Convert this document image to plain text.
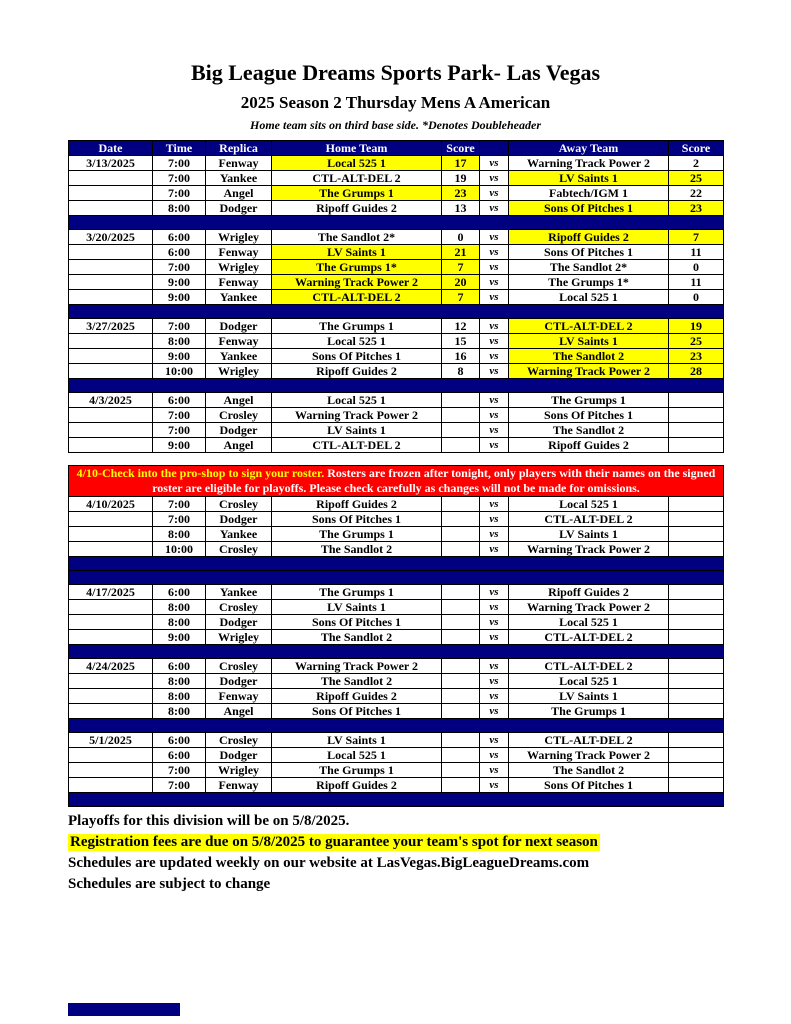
Big League Dreams Sports Park- Las Vegas
2025 Season 2 Thursday Mens A American
Home team sits on third base side. *Denotes Doubleheader
Date	Time	Replica	Home Team	Score		Away Team	Score
3/13/2025	7:00	Fenway	Local 525 1	17	vs	Warning Track Power 2	2
	7:00	Yankee	CTL-ALT-DEL 2	19	vs	LV Saints 1	25
	7:00	Angel	The Grumps 1	23	vs	Fabtech/IGM 1	22
	8:00	Dodger	Ripoff Guides 2	13	vs	Sons Of Pitches 1	23

3/20/2025	6:00	Wrigley	The Sandlot 2*	0	vs	Ripoff Guides 2	7
	6:00	Fenway	LV Saints 1	21	vs	Sons Of Pitches 1	11
	7:00	Wrigley	The Grumps 1*	7	vs	The Sandlot 2*	0
	9:00	Fenway	Warning Track Power 2	20	vs	The Grumps 1*	11
	9:00	Yankee	CTL-ALT-DEL 2	7	vs	Local 525 1	0

3/27/2025	7:00	Dodger	The Grumps 1	12	vs	CTL-ALT-DEL 2	19
	8:00	Fenway	Local 525 1	15	vs	LV Saints 1	25
	9:00	Yankee	Sons Of Pitches 1	16	vs	The Sandlot 2	23
	10:00	Wrigley	Ripoff Guides 2	8	vs	Warning Track Power 2	28

4/3/2025	6:00	Angel	Local 525 1		vs	The Grumps 1	
	7:00	Crosley	Warning Track Power 2		vs	Sons Of Pitches 1	
	7:00	Dodger	LV Saints 1		vs	The Sandlot 2	
	9:00	Angel	CTL-ALT-DEL 2		vs	Ripoff Guides 2	

4/10-Check into the pro-shop to sign your roster. Rosters are frozen after tonight, only players with their names on the signed roster are eligible for playoffs. Please check carefully as changes will not be made for omissions.							
4/10/2025	7:00	Crosley	Ripoff Guides 2		vs	Local 525 1	
	7:00	Dodger	Sons Of Pitches 1		vs	CTL-ALT-DEL 2	
	8:00	Yankee	The Grumps 1		vs	LV Saints 1	
	10:00	Crosley	The Sandlot 2		vs	Warning Track Power 2	

4/17/2025	6:00	Yankee	The Grumps 1		vs	Ripoff Guides 2	
	8:00	Crosley	LV Saints 1		vs	Warning Track Power 2	
	8:00	Dodger	Sons Of Pitches 1		vs	Local 525 1	
	9:00	Wrigley	The Sandlot 2		vs	CTL-ALT-DEL 2	

4/24/2025	6:00	Crosley	Warning Track Power 2		vs	CTL-ALT-DEL 2	
	8:00	Dodger	The Sandlot 2		vs	Local 525 1	
	8:00	Fenway	Ripoff Guides 2		vs	LV Saints 1	
	8:00	Angel	Sons Of Pitches 1		vs	The Grumps 1	

5/1/2025	6:00	Crosley	LV Saints 1		vs	CTL-ALT-DEL 2	
	6:00	Dodger	Local 525 1		vs	Warning Track Power 2	
	7:00	Wrigley	The Grumps 1		vs	The Sandlot 2	
	7:00	Fenway	Ripoff Guides 2		vs	Sons Of Pitches 1	

Playoffs for this division will be on 5/8/2025.
Registration fees are due on 5/8/2025 to guarantee your team's spot for next season
Schedules are updated weekly on our website at LasVegas.BigLeagueDreams.com
Schedules are subject to change
